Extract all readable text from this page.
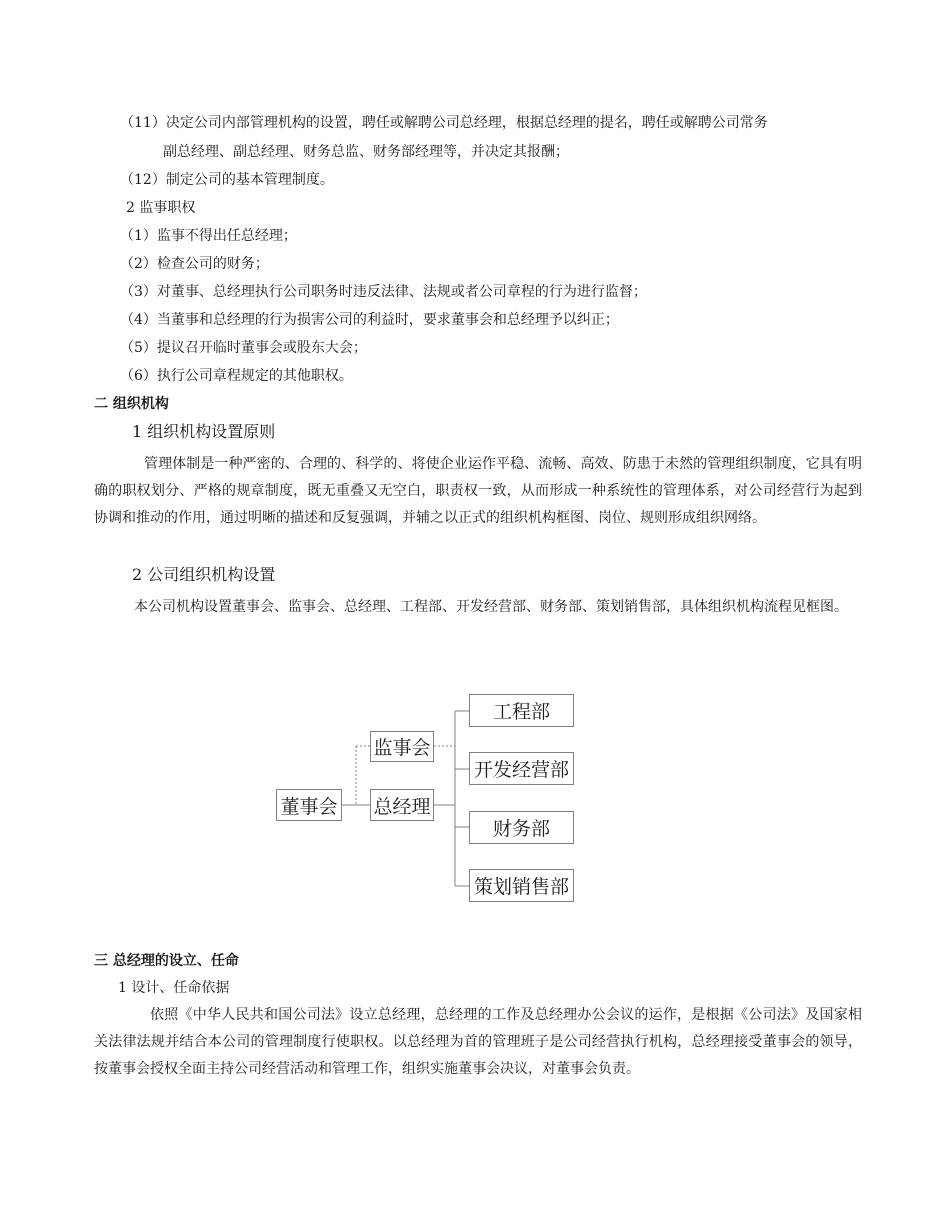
（11）决定公司内部管理机构的设置，聘任或解聘公司总经理，根据总经理的提名，聘任或解聘公司常务
副总经理、副总经理、财务总监、财务部经理等，并决定其报酬；
（12）制定公司的基本管理制度。
2 监事职权
（1）监事不得出任总经理；
（2）检查公司的财务；
（3）对董事、总经理执行公司职务时违反法律、法规或者公司章程的行为进行监督；
（4）当董事和总经理的行为损害公司的利益时，要求董事会和总经理予以纠正；
（5）提议召开临时董事会或股东大会；
（6）执行公司章程规定的其他职权。
二 组织机构
1 组织机构设置原则
管理体制是一种严密的、合理的、科学的、将使企业运作平稳、流畅、高效、防患于未然的管理组织制度，它具有明确的职权划分、严格的规章制度，既无重叠又无空白，职责权一致，从而形成一种系统性的管理体系，对公司经营行为起到协调和推动的作用，通过明晰的描述和反复强调，并辅之以正式的组织机构框图、岗位、规则形成组织网络。
2 公司组织机构设置
本公司机构设置董事会、监事会、总经理、工程部、开发经营部、财务部、策划销售部，具体组织机构流程见框图。
董事会
监事会
总经理
工程部
开发经营部
财务部
策划销售部
三 总经理的设立、任命
1 设计、任命依据
依照《中华人民共和国公司法》设立总经理，总经理的工作及总经理办公会议的运作，是根据《公司法》及国家相关法律法规并结合本公司的管理制度行使职权。以总经理为首的管理班子是公司经营执行机构，总经理接受董事会的领导，按董事会授权全面主持公司经营活动和管理工作，组织实施董事会决议，对董事会负责。
